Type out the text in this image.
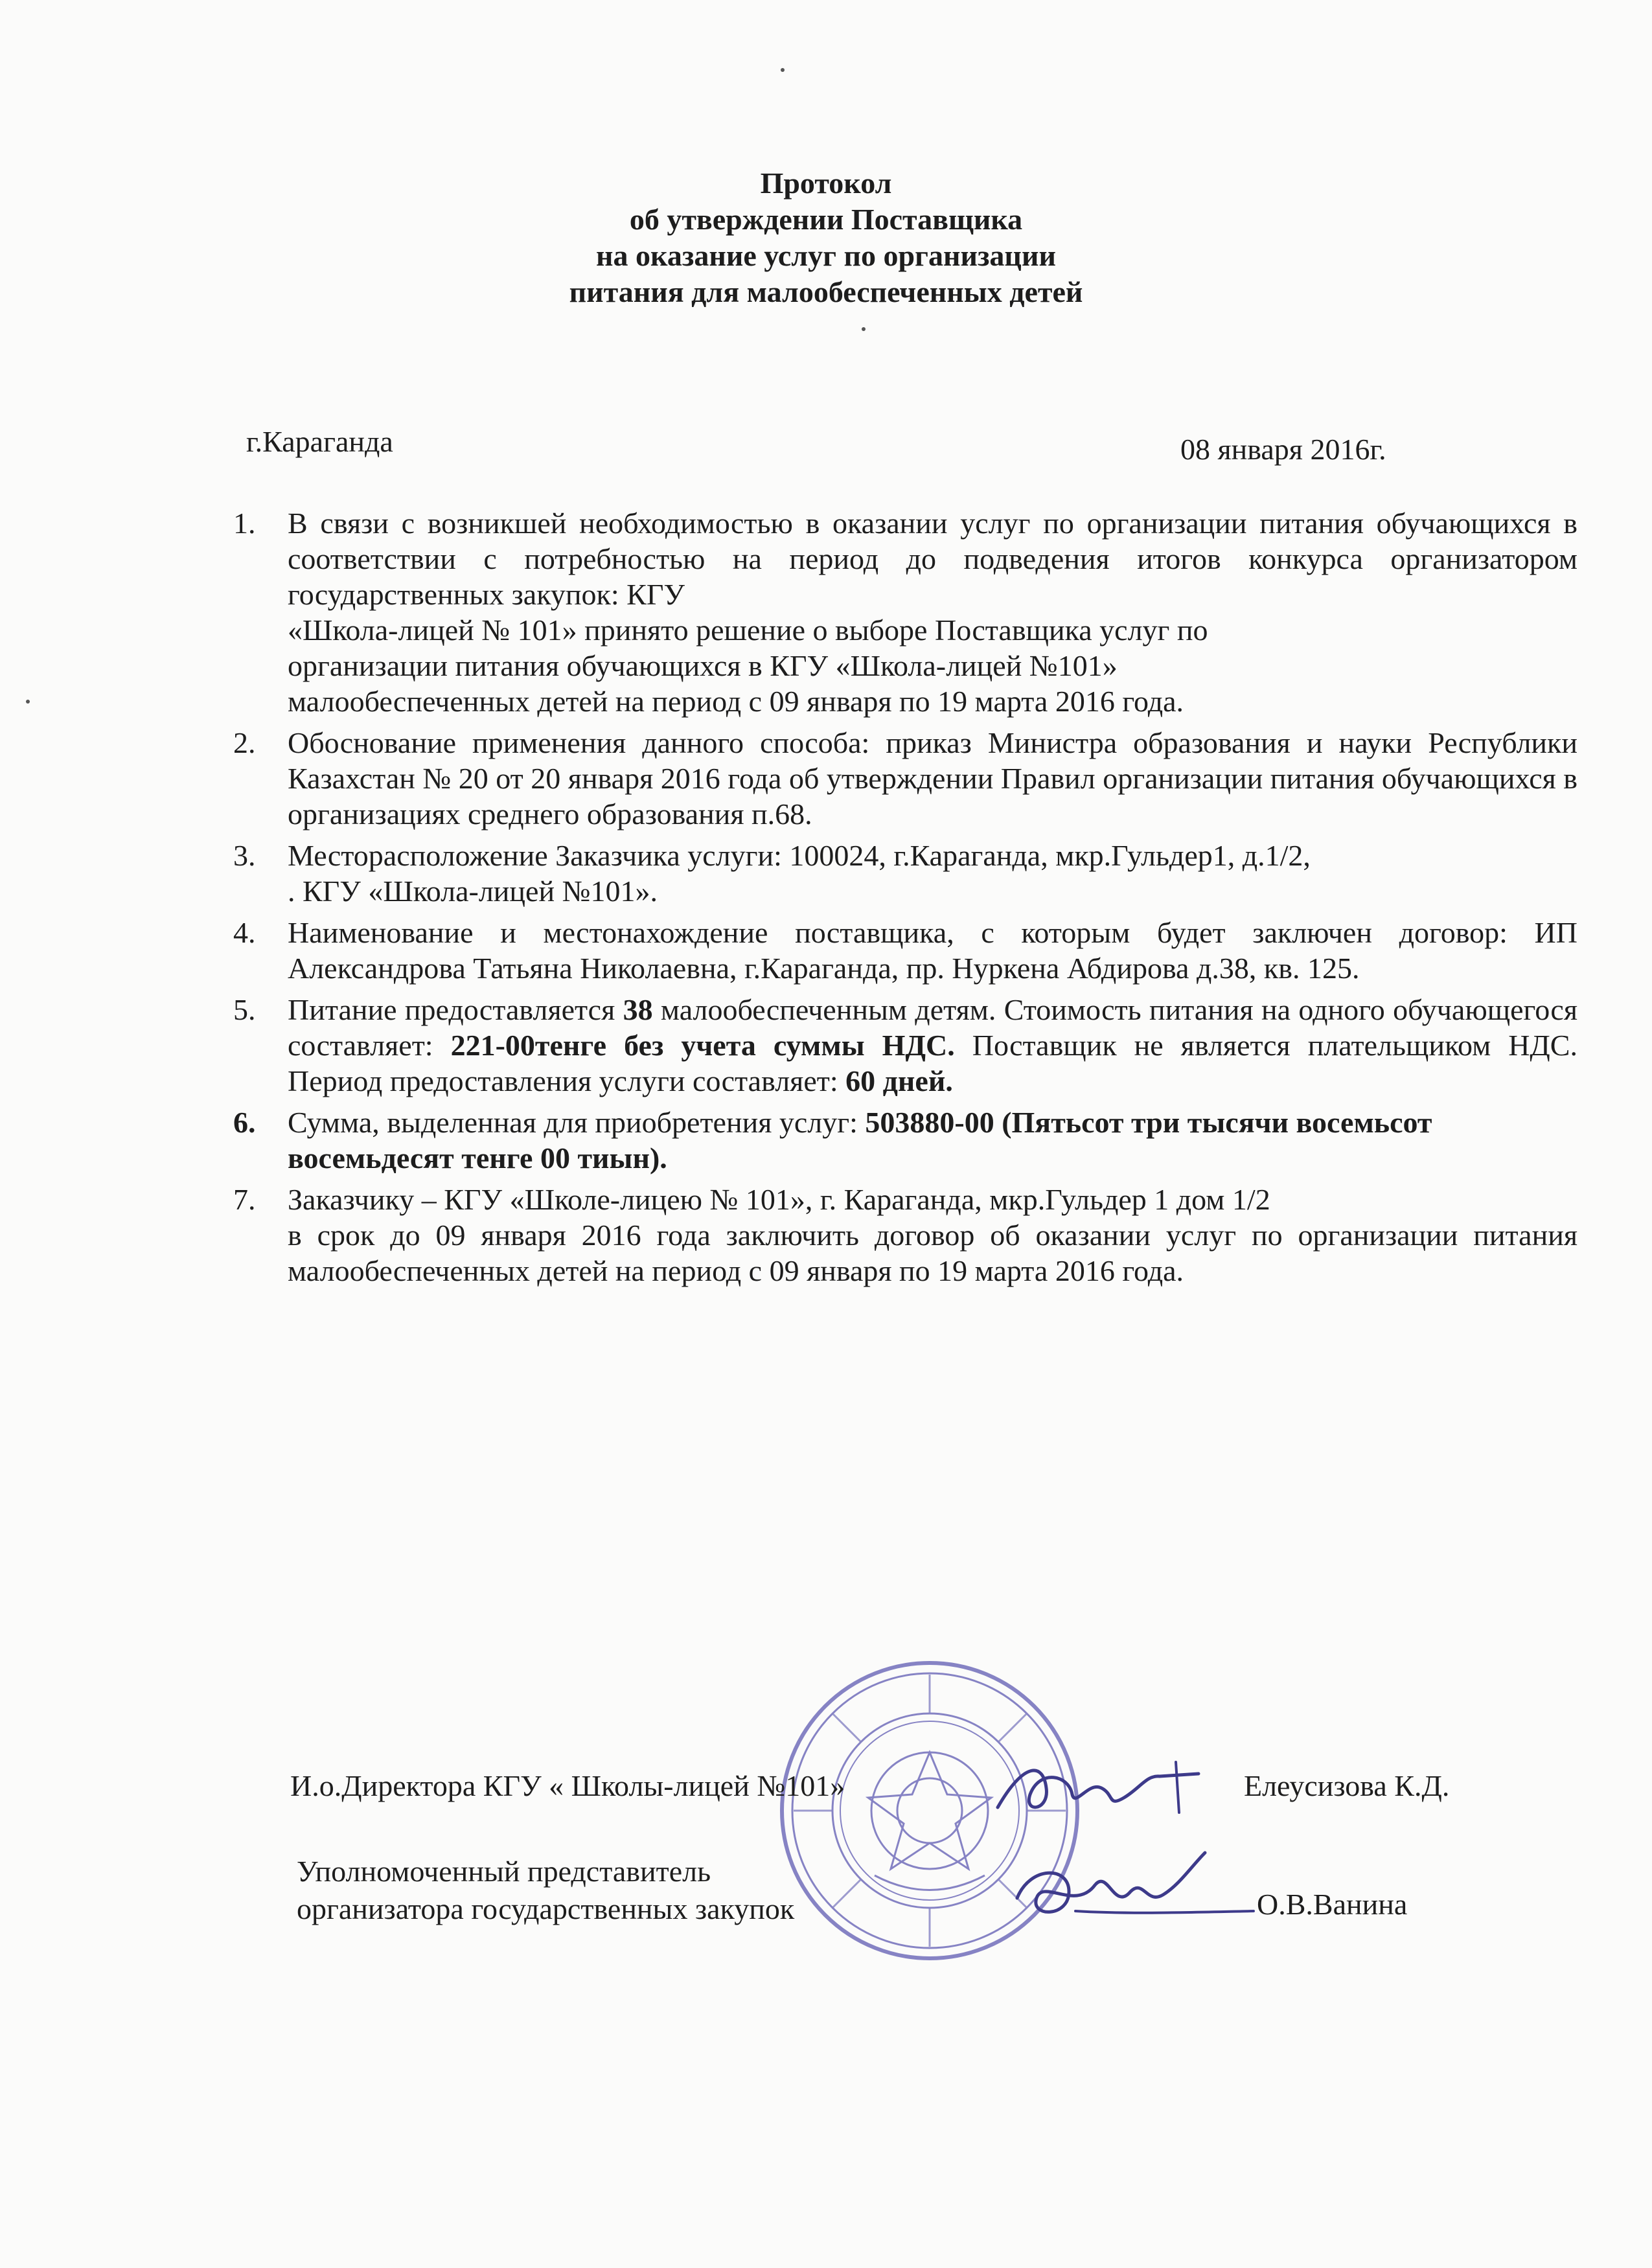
Протокол
об утверждении Поставщика
на оказание услуг по организации
питания для малообеспеченных детей
г.Караганда	08 января 2016г.
1.	В связи с возникшей необходимостью в оказании услуг по организации питания обучающихся в соответствии с потребностью на период до подведения итогов конкурса организатором государственных закупок: КГУ
«Школа-лицей № 101» принято решение о выборе Поставщика услуг по
организации питания обучающихся в КГУ «Школа-лицей №101»
малообеспеченных детей на период с 09 января по 19 марта 2016 года.
2.	Обоснование применения данного способа: приказ Министра образования и науки Республики Казахстан № 20 от 20 января 2016 года об утверждении Правил организации питания обучающихся в организациях среднего образования п.68.
3.	Месторасположение Заказчика услуги: 100024, г.Караганда, мкр.Гульдер1, д.1/2,
. КГУ «Школа-лицей №101».
4.	Наименование и местонахождение поставщика, с которым будет заключен договор: ИП Александрова Татьяна Николаевна, г.Караганда, пр. Нуркена Абдирова д.38, кв. 125.
5.	Питание предоставляется 38 малообеспеченным детям. Стоимость питания на одного обучающегося составляет: 221-00тенге без учета суммы НДС. Поставщик не является плательщиком НДС. Период предоставления услуги составляет: 60 дней.
6.	Сумма, выделенная для приобретения услуг: 503880-00 (Пятьсот три тысячи восемьсот восемьдесят тенге 00 тиын).
7.	Заказчику – КГУ «Школе-лицею № 101», г. Караганда, мкр.Гульдер 1 дом 1/2
в срок до 09 января 2016 года заключить договор об оказании услуг по организации питания малообеспеченных детей на период с 09 января по 19 марта 2016 года.
И.о.Директора КГУ « Школы-лицей №101»	Елеусизова К.Д.
Уполномоченный представитель
организатора государственных закупок	О.В.Ванина
